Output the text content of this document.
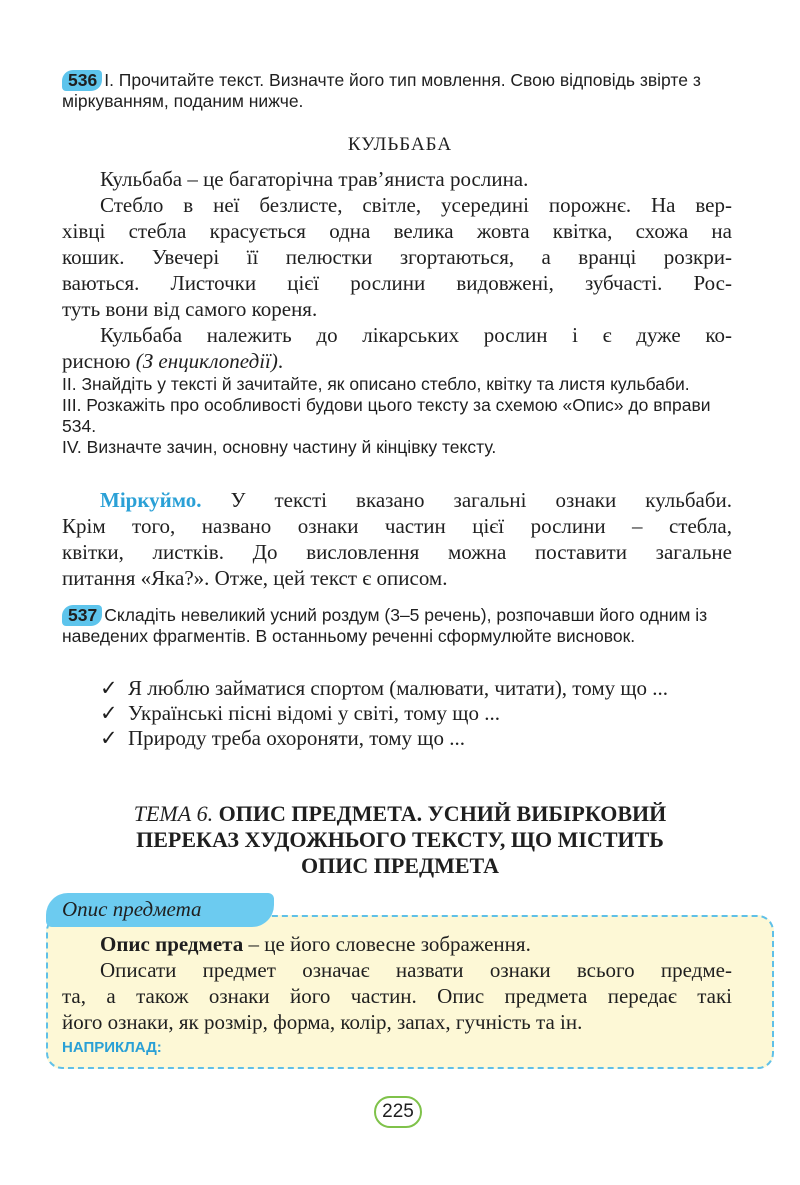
536 І. Прочитайте текст. Визначте його тип мовлення. Свою відповідь звірте з міркуванням, поданим нижче.
КУЛЬБАБА
Кульбаба – це багаторічна трав’яниста рослина.

Стебло в неї безлисте, світле, усередині порожнє. На вер-

хівці стебла красується одна велика жовта квітка, схожа на

кошик. Увечері її пелюстки згортаються, а вранці розкри-

ваються. Листочки цієї рослини видовжені, зубчасті. Рос-

туть вони від самого кореня.

Кульбаба належить до лікарських рослин і є дуже ко-

рисною (З енциклопедії).

ІІ. Знайдіть у тексті й зачитайте, як описано стебло, квітку та листя кульбаби.

ІІІ. Розкажіть про особливості будови цього тексту за схемою «Опис» до вправи 534.

IV. Визначте зачин, основну частину й кінцівку тексту.

Міркуймо. У тексті вказано загальні ознаки кульбаби.

Крім того, названо ознаки частин цієї рослини – стебла,

квітки, листків. До висловлення можна поставити загальне

питання «Яка?». Отже, цей текст є описом.

537 Складіть невеликий усний роздум (3–5 речень), розпочавши його одним із наведених фрагментів. В останньому реченні сформулюйте висновок.
✓ Я люблю займатися спортом (малювати, читати), тому що ...
✓ Українські пісні відомі у світі, тому що ...
✓ Природу треба охороняти, тому що ...
ТЕМА 6. ОПИС ПРЕДМЕТА. УСНИЙ ВИБІРКОВИЙ
ПЕРЕКАЗ ХУДОЖНЬОГО ТЕКСТУ, ЩО МІСТИТЬ
ОПИС ПРЕДМЕТА
Опис предмета

Опис предмета – це його словесне зображення.

Описати предмет означає назвати ознаки всього предме-

та, а також ознаки його частин. Опис предмета передає такі

його ознаки, як розмір, форма, колір, запах, гучність та ін.

НАПРИКЛАД:

225
